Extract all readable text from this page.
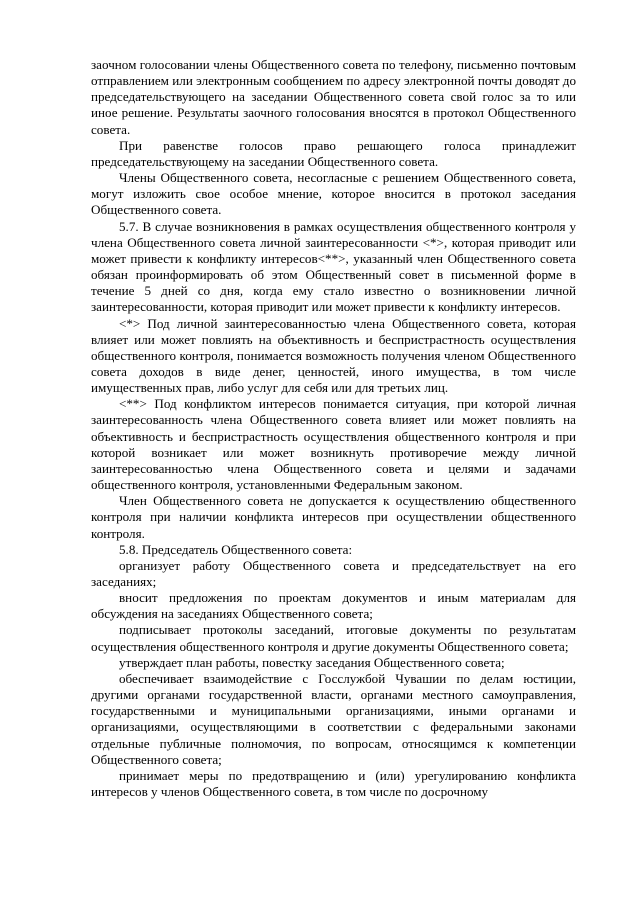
заочном голосовании члены Общественного совета по телефону, письменно почтовым отправлением или электронным сообщением по адресу электронной почты доводят до председательствующего на заседании Общественного совета свой голос за то или иное решение. Результаты заочного голосования вносятся в протокол Общественного совета.

При равенстве голосов право решающего голоса принадлежит председательствующему на заседании Общественного совета.

Члены Общественного совета, несогласные с решением Общественного совета, могут изложить свое особое мнение, которое вносится в протокол заседания Общественного совета.

5.7. В случае возникновения в рамках осуществления общественного контроля у члена Общественного совета личной заинтересованности <*>, которая приводит или может привести к конфликту интересов<**>, указанный член Общественного совета обязан проинформировать об этом Общественный совет в письменной форме в течение 5 дней со дня, когда ему стало известно о возникновении личной заинтересованности, которая приводит или может привести к конфликту интересов.

<*> Под личной заинтересованностью члена Общественного совета, которая влияет или может повлиять на объективность и беспристрастность осуществления общественного контроля, понимается возможность получения членом Общественного совета доходов в виде денег, ценностей, иного имущества, в том числе имущественных прав, либо услуг для себя или для третьих лиц.

<**> Под конфликтом интересов понимается ситуация, при которой личная заинтересованность члена Общественного совета влияет или может повлиять на объективность и беспристрастность осуществления общественного контроля и при которой возникает или может возникнуть противоречие между личной заинтересованностью члена Общественного совета и целями и задачами общественного контроля, установленными Федеральным законом.

Член Общественного совета не допускается к осуществлению общественного контроля при наличии конфликта интересов при осуществлении общественного контроля.

5.8. Председатель Общественного совета:

организует работу Общественного совета и председательствует на его заседаниях;

вносит предложения по проектам документов и иным материалам для обсуждения на заседаниях Общественного совета;

подписывает протоколы заседаний, итоговые документы по результатам осуществления общественного контроля и другие документы Общественного совета;

утверждает план работы, повестку заседания Общественного совета;

обеспечивает взаимодействие с Госслужбой Чувашии по делам юстиции, другими органами государственной власти, органами местного самоуправления, государственными и муниципальными организациями, иными органами и организациями, осуществляющими в соответствии с федеральными законами отдельные публичные полномочия, по вопросам, относящимся к компетенции Общественного совета;

принимает меры по предотвращению и (или) урегулированию конфликта интересов у членов Общественного совета, в том числе по досрочному
